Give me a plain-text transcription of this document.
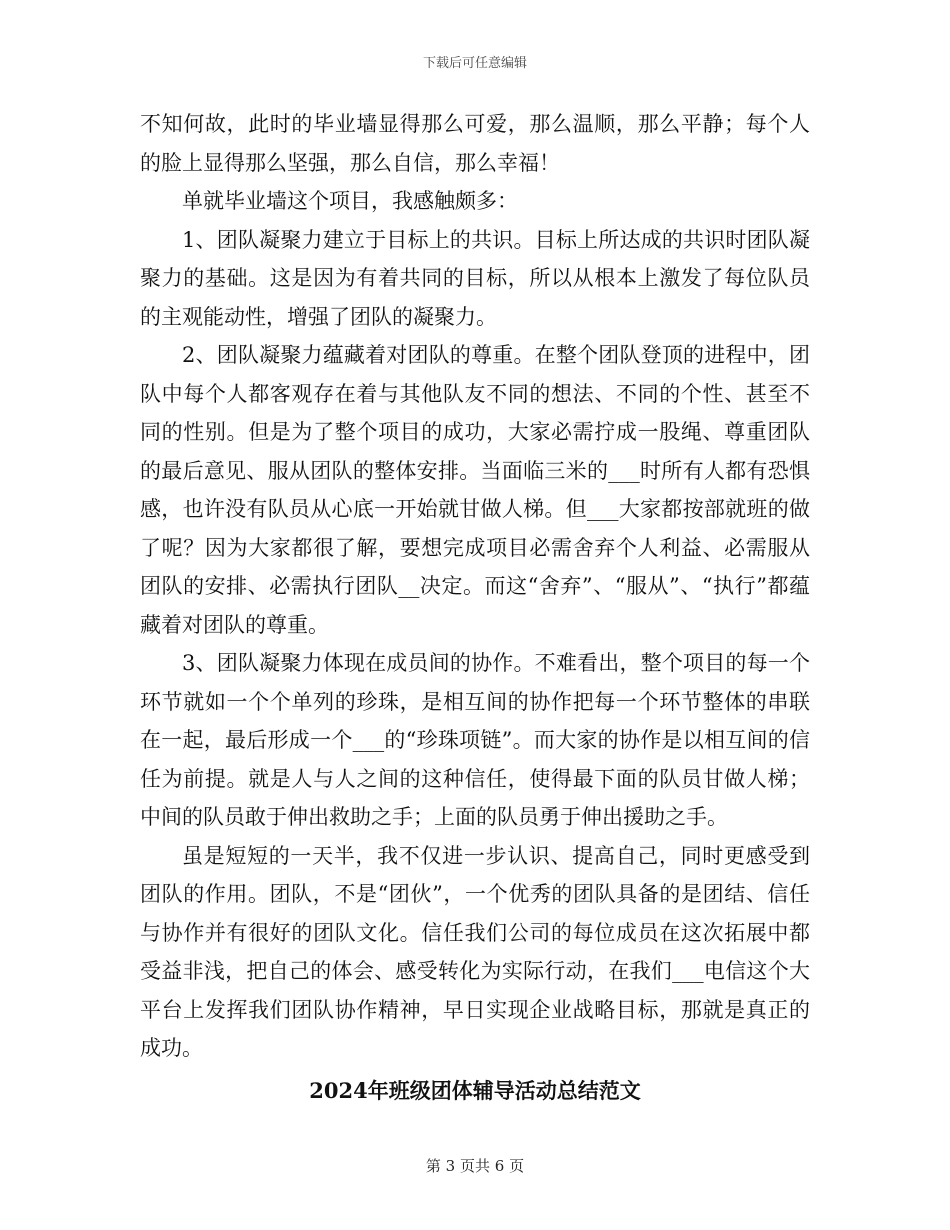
下载后可任意编辑

不知何故，此时的毕业墙显得那么可爱，那么温顺，那么平静；每个人的脸上显得那么坚强，那么自信，那么幸福！

单就毕业墙这个项目，我感触颇多：

1、团队凝聚力建立于目标上的共识。目标上所达成的共识时团队凝聚力的基础。这是因为有着共同的目标，所以从根本上激发了每位队员的主观能动性，增强了团队的凝聚力。

2、团队凝聚力蕴藏着对团队的尊重。在整个团队登顶的进程中，团队中每个人都客观存在着与其他队友不同的想法、不同的个性、甚至不同的性别。但是为了整个项目的成功，大家必需拧成一股绳、尊重团队的最后意见、服从团队的整体安排。当面临三米的___时所有人都有恐惧感，也许没有队员从心底一开始就甘做人梯。但___大家都按部就班的做了呢？因为大家都很了解，要想完成项目必需舍弃个人利益、必需服从团队的安排、必需执行团队__决定。而这“舍弃”、“服从”、“执行”都蕴藏着对团队的尊重。

3、团队凝聚力体现在成员间的协作。不难看出，整个项目的每一个环节就如一个个单列的珍珠，是相互间的协作把每一个环节整体的串联在一起，最后形成一个___的“珍珠项链”。而大家的协作是以相互间的信任为前提。就是人与人之间的这种信任，使得最下面的队员甘做人梯；中间的队员敢于伸出救助之手；上面的队员勇于伸出援助之手。

虽是短短的一天半，我不仅进一步认识、提高自己，同时更感受到团队的作用。团队，不是“团伙”，一个优秀的团队具备的是团结、信任与协作并有很好的团队文化。信任我们公司的每位成员在这次拓展中都受益非浅，把自己的体会、感受转化为实际行动，在我们___电信这个大平台上发挥我们团队协作精神，早日实现企业战略目标，那就是真正的成功。

2024年班级团体辅导活动总结范文
第 3 页共 6 页
